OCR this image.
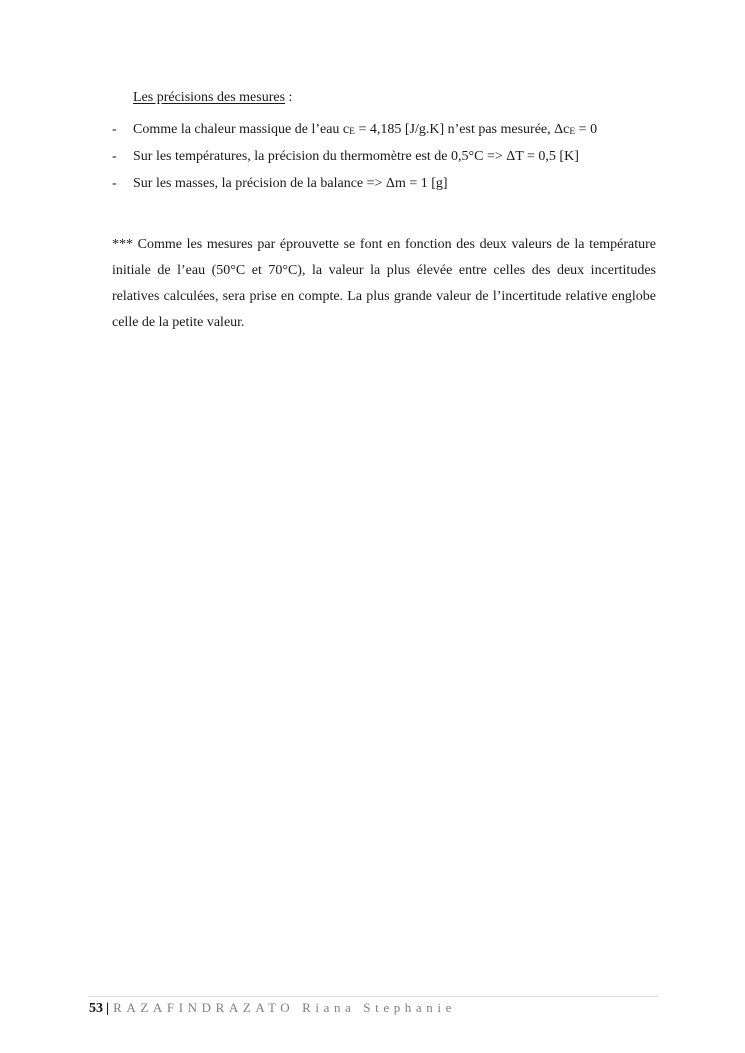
Les précisions des mesures :
- Comme la chaleur massique de l’eau cE = 4,185 [J/g.K] n’est pas mesurée, ΔcE = 0
- Sur les températures, la précision du thermomètre est de 0,5°C => ΔT = 0,5 [K]
- Sur les masses, la précision de la balance => Δm = 1 [g]

*** Comme les mesures par éprouvette se font en fonction des deux valeurs de la température initiale de l’eau (50°C et 70°C), la valeur la plus élevée entre celles des deux incertitudes relatives calculées, sera prise en compte. La plus grande valeur de l’incertitude relative englobe celle de la petite valeur.

53 | RAZAFINDRAZATO Riana Stephanie
